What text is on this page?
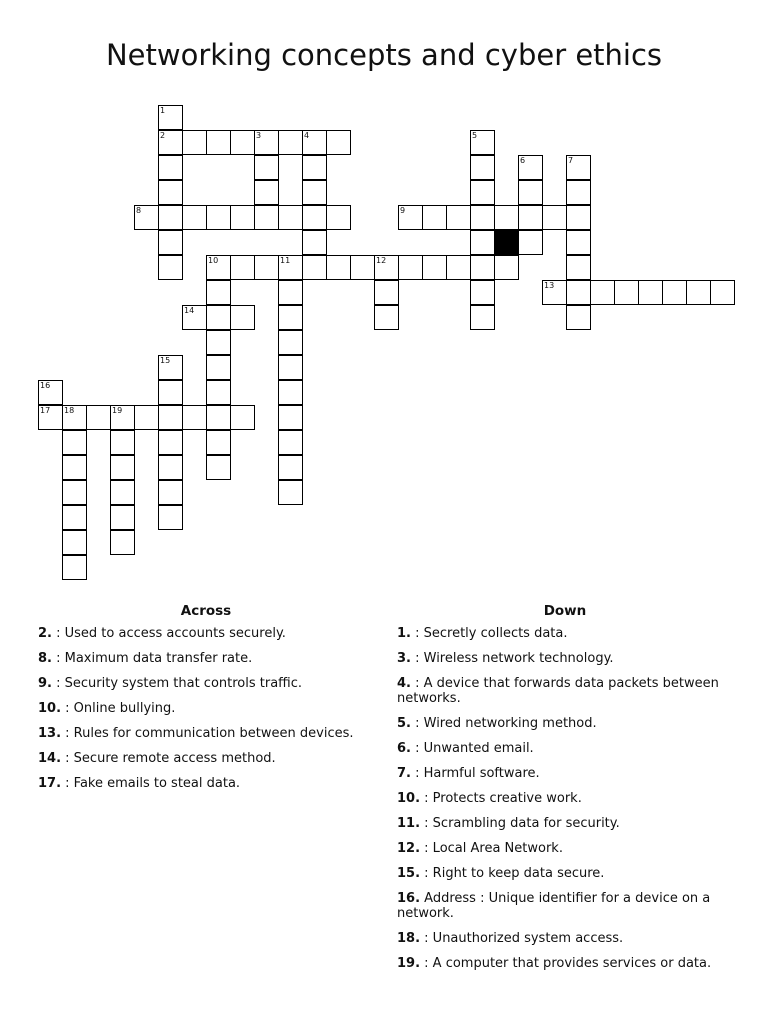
Networking concepts and cyber ethics
1
2	3	4
8
5
6	7
9
10	11	12
13
14
15
16
17 18	19
Across	Down
2. : Used to access accounts securely.
8. : Maximum data transfer rate.
9. : Security system that controls traffic.
10. : Online bullying.
13. : Rules for communication between devices.
14. : Secure remote access method.
17. : Fake emails to steal data.
1. : Secretly collects data.
3. : Wireless network technology.
4. : A device that forwards data packets between networks.
5. : Wired networking method.
6. : Unwanted email.
7. : Harmful software.
10. : Protects creative work.
11. : Scrambling data for security.
12. : Local Area Network.
15. : Right to keep data secure.
16. Address : Unique identifier for a device on a network.
18. : Unauthorized system access.
19. : A computer that provides services or data.
